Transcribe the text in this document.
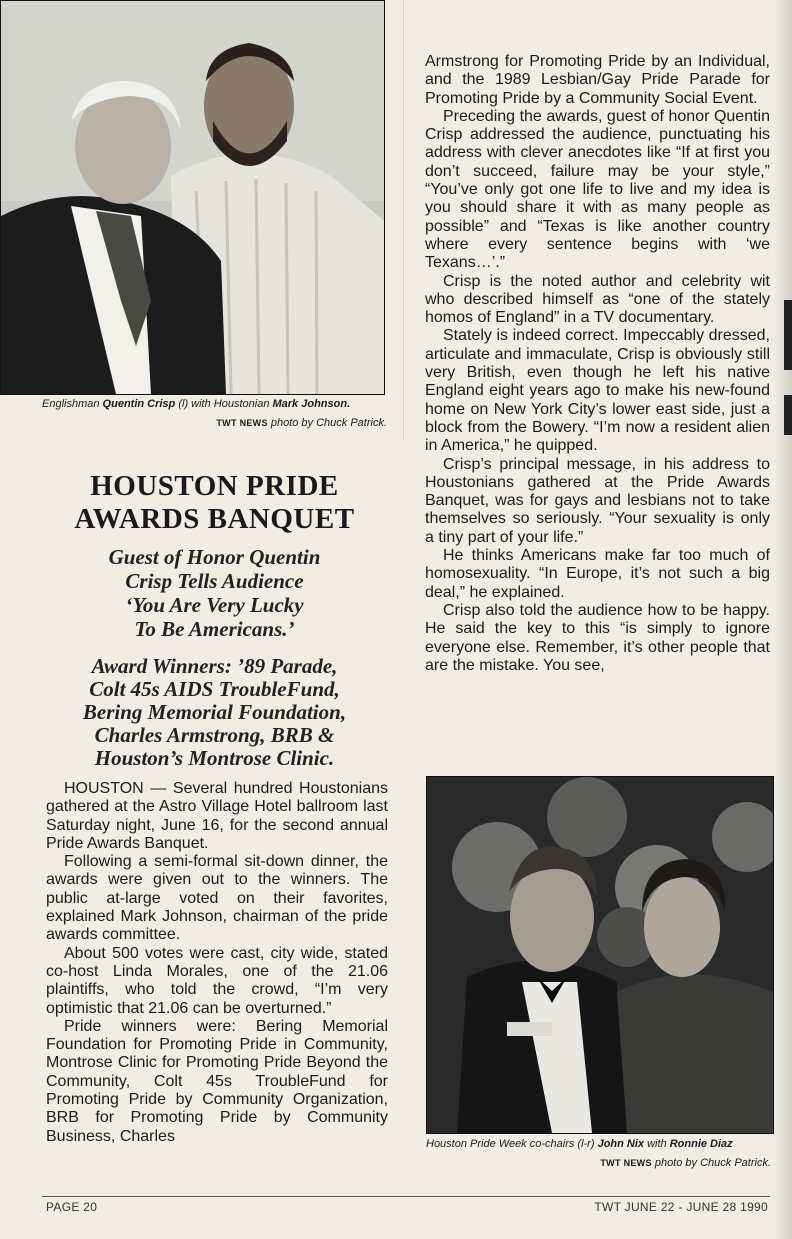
Englishman Quentin Crisp (l) with Houstonian Mark Johnson.
TWT NEWS photo by Chuck Patrick.
HOUSTON PRIDE
AWARDS BANQUET
Guest of Honor Quentin
Crisp Tells Audience
‘You Are Very Lucky
To Be Americans.’
Award Winners: ’89 Parade,
Colt 45s AIDS TroubleFund,
Bering Memorial Foundation,
Charles Armstrong, BRB &
Houston’s Montrose Clinic.

HOUSTON — Several hundred Houstonians gathered at the Astro Village Hotel ballroom last Saturday night, June 16, for the second annual Pride Awards Banquet.

Following a semi-formal sit-down dinner, the awards were given out to the winners. The public at-large voted on their favorites, explained Mark Johnson, chairman of the pride awards committee.

About 500 votes were cast, city wide, stated co-host Linda Morales, one of the 21.06 plaintiffs, who told the crowd, “I’m very optimistic that 21.06 can be overturned.”

Pride winners were: Bering Memorial Foundation for Promoting Pride in Community, Montrose Clinic for Promoting Pride Beyond the Community, Colt 45s TroubleFund for Promoting Pride by Community Organization, BRB for Promoting Pride by Community Business, Charles

Armstrong for Promoting Pride by an Individual, and the 1989 Lesbian/Gay Pride Parade for Promoting Pride by a Community Social Event.

Preceding the awards, guest of honor Quentin Crisp addressed the audience, punctuating his address with clever anecdotes like “If at first you don’t succeed, failure may be your style,” “You’ve only got one life to live and my idea is you should share it with as many people as possible” and “Texas is like another country where every sentence begins with ‘we Texans…’.”

Crisp is the noted author and celebrity wit who described himself as “one of the stately homos of England” in a TV documentary.

Stately is indeed correct. Impeccably dressed, articulate and immaculate, Crisp is obviously still very British, even though he left his native England eight years ago to make his new-found home on New York City’s lower east side, just a block from the Bowery. “I’m now a resident alien in America,” he quipped.

Crisp’s principal message, in his address to Houstonians gathered at the Pride Awards Banquet, was for gays and lesbians not to take themselves so seriously. “Your sexuality is only a tiny part of your life.”

He thinks Americans make far too much of homosexuality. “In Europe, it’s not such a big deal,” he explained.

Crisp also told the audience how to be happy. He said the key to this “is simply to ignore everyone else. Remember, it’s other people that are the mistake. You see,

Houston Pride Week co-chairs (l-r) John Nix with Ronnie Diaz
TWT NEWS photo by Chuck Patrick.
PAGE 20	TWT JUNE 22 - JUNE 28 1990
